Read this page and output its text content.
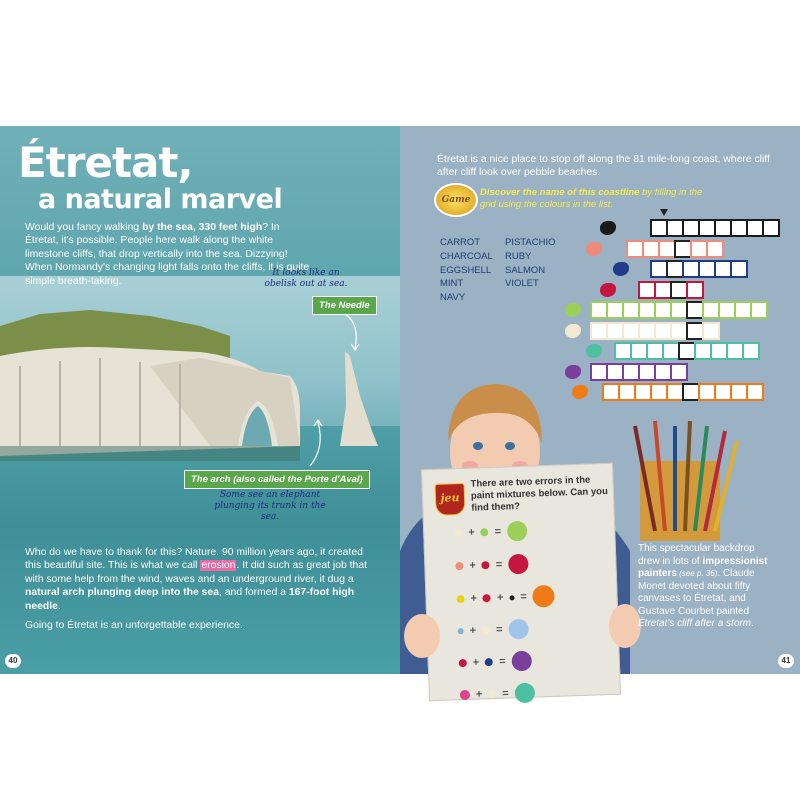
Étretat,
a natural marvel
Would you fancy walking by the sea, 330 feet high? In Étretat, it's possible. People here walk along the white limestone cliffs, that drop vertically into the sea. Dizzying! When Normandy's changing light falls onto the cliffs, it is quite simple breath-taking.
It looks like an obelisk out at sea.
The Needle
The arch (also called the Porte d'Aval)
Some see an elephant plunging its trunk in the sea.

Who do we have to thank for this? Nature. 90 million years ago, it created this beautiful site. This is what we call erosion. It did such as great job that with some help from the wind, waves and an underground river, it dug a natural arch plunging deep into the sea, and formed a 167-foot high needle.

Going to Étretat is an unforgettable experience.

40
Étretat is a nice place to stop off along the 81 mile-long coast, where cliff after cliff look over pebble beaches.
Game
Discover the name of this coastline by filling in the grid using the colours in the list.
CARROT
CHARCOAL
EGGSHELL
MINT
NAVY
PISTACHIO
RUBY
SALMON
VIOLET
jeu
There are two errors in the paint mixtures below. Can you find them?
+ =
+ =
+ + =
+ =
+ =
+ =
This spectacular backdrop drew in lots of impressionist painters (see p. 36). Claude Monet devoted about fifty canvases to Étretat, and Gustave Courbet painted Étretat's cliff after a storm.
41
